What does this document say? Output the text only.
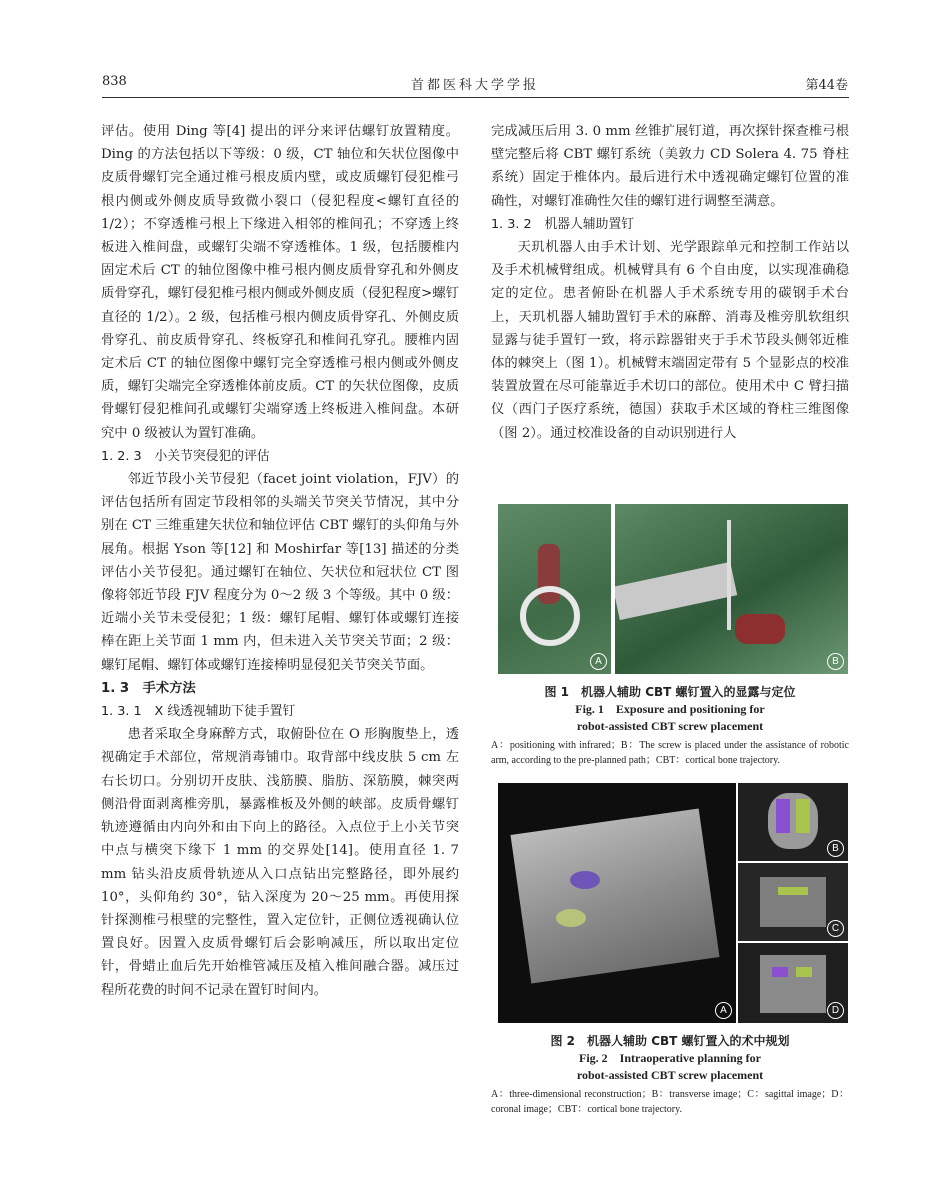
838	首都医科大学学报	第44卷

评估。使用 Ding 等[4] 提出的评分来评估螺钉放置精度。Ding 的方法包括以下等级：0 级，CT 轴位和矢状位图像中皮质骨螺钉完全通过椎弓根皮质内壁，或皮质螺钉侵犯椎弓根内侧或外侧皮质导致微小裂口（侵犯程度<螺钉直径的 1/2）；不穿透椎弓根上下缘进入相邻的椎间孔；不穿透上终板进入椎间盘，或螺钉尖端不穿透椎体。1 级，包括腰椎内固定术后 CT 的轴位图像中椎弓根内侧皮质骨穿孔和外侧皮质骨穿孔，螺钉侵犯椎弓根内侧或外侧皮质（侵犯程度>螺钉直径的 1/2）。2 级，包括椎弓根内侧皮质骨穿孔、外侧皮质骨穿孔、前皮质骨穿孔、终板穿孔和椎间孔穿孔。腰椎内固定术后 CT 的轴位图像中螺钉完全穿透椎弓根内侧或外侧皮质，螺钉尖端完全穿透椎体前皮质。CT 的矢状位图像，皮质骨螺钉侵犯椎间孔或螺钉尖端穿透上终板进入椎间盘。本研究中 0 级被认为置钉准确。

1. 2. 3　小关节突侵犯的评估

邻近节段小关节侵犯（facet joint violation，FJV）的评估包括所有固定节段相邻的头端关节突关节情况，其中分别在 CT 三维重建矢状位和轴位评估 CBT 螺钉的头仰角与外展角。根据 Yson 等[12] 和 Moshirfar 等[13] 描述的分类评估小关节侵犯。通过螺钉在轴位、矢状位和冠状位 CT 图像将邻近节段 FJV 程度分为 0～2 级 3 个等级。其中 0 级：近端小关节未受侵犯；1 级：螺钉尾帽、螺钉体或螺钉连接棒在距上关节面 1 mm 内，但未进入关节突关节面；2 级：螺钉尾帽、螺钉体或螺钉连接棒明显侵犯关节突关节面。

1. 3　手术方法

1. 3. 1　X 线透视辅助下徒手置钉

患者采取全身麻醉方式，取俯卧位在 O 形胸腹垫上，透视确定手术部位，常规消毒铺巾。取背部中线皮肤 5 cm 左右长切口。分别切开皮肤、浅筋膜、脂肪、深筋膜，棘突两侧沿骨面剥离椎旁肌，暴露椎板及外侧的峡部。皮质骨螺钉轨迹遵循由内向外和由下向上的路径。入点位于上小关节突中点与横突下缘下 1 mm 的交界处[14]。使用直径 1. 7 mm 钻头沿皮质骨轨迹从入口点钻出完整路径，即外展约 10°，头仰角约 30°，钻入深度为 20～25 mm。再使用探针探测椎弓根壁的完整性，置入定位针，正侧位透视确认位置良好。因置入皮质骨螺钉后会影响减压，所以取出定位针，骨蜡止血后先开始椎管减压及植入椎间融合器。减压过程所花费的时间不记录在置钉时间内。

完成减压后用 3. 0 mm 丝锥扩展钉道，再次探针探查椎弓根壁完整后将 CBT 螺钉系统（美敦力 CD Solera 4. 75 脊柱系统）固定于椎体内。最后进行术中透视确定螺钉位置的准确性，对螺钉准确性欠佳的螺钉进行调整至满意。

1. 3. 2　机器人辅助置钉

天玑机器人由手术计划、光学跟踪单元和控制工作站以及手术机械臂组成。机械臂具有 6 个自由度，以实现准确稳定的定位。患者俯卧在机器人手术系统专用的碳钢手术台上，天玑机器人辅助置钉手术的麻醉、消毒及椎旁肌软组织显露与徒手置钉一致，将示踪器钳夹于手术节段头侧邻近椎体的棘突上（图 1）。机械臂末端固定带有 5 个显影点的校准装置放置在尽可能靠近手术切口的部位。使用术中 C 臂扫描仪（西门子医疗系统，德国）获取手术区域的脊柱三维图像（图 2）。通过校准设备的自动识别进行人

A	B
图 1　机器人辅助 CBT 螺钉置入的显露与定位
Fig. 1　Exposure and positioning for
robot-assisted CBT screw placement
A：positioning with infrared；B：The screw is placed under the assistance of robotic arm, according to the pre-planned path；CBT：cortical bone trajectory.
A
B
C
D
图 2　机器人辅助 CBT 螺钉置入的术中规划
Fig. 2　Intraoperative planning for
robot-assisted CBT screw placement
A：three-dimensional reconstruction；B：transverse image；C：sagittal image；D：coronal image；CBT：cortical bone trajectory.
